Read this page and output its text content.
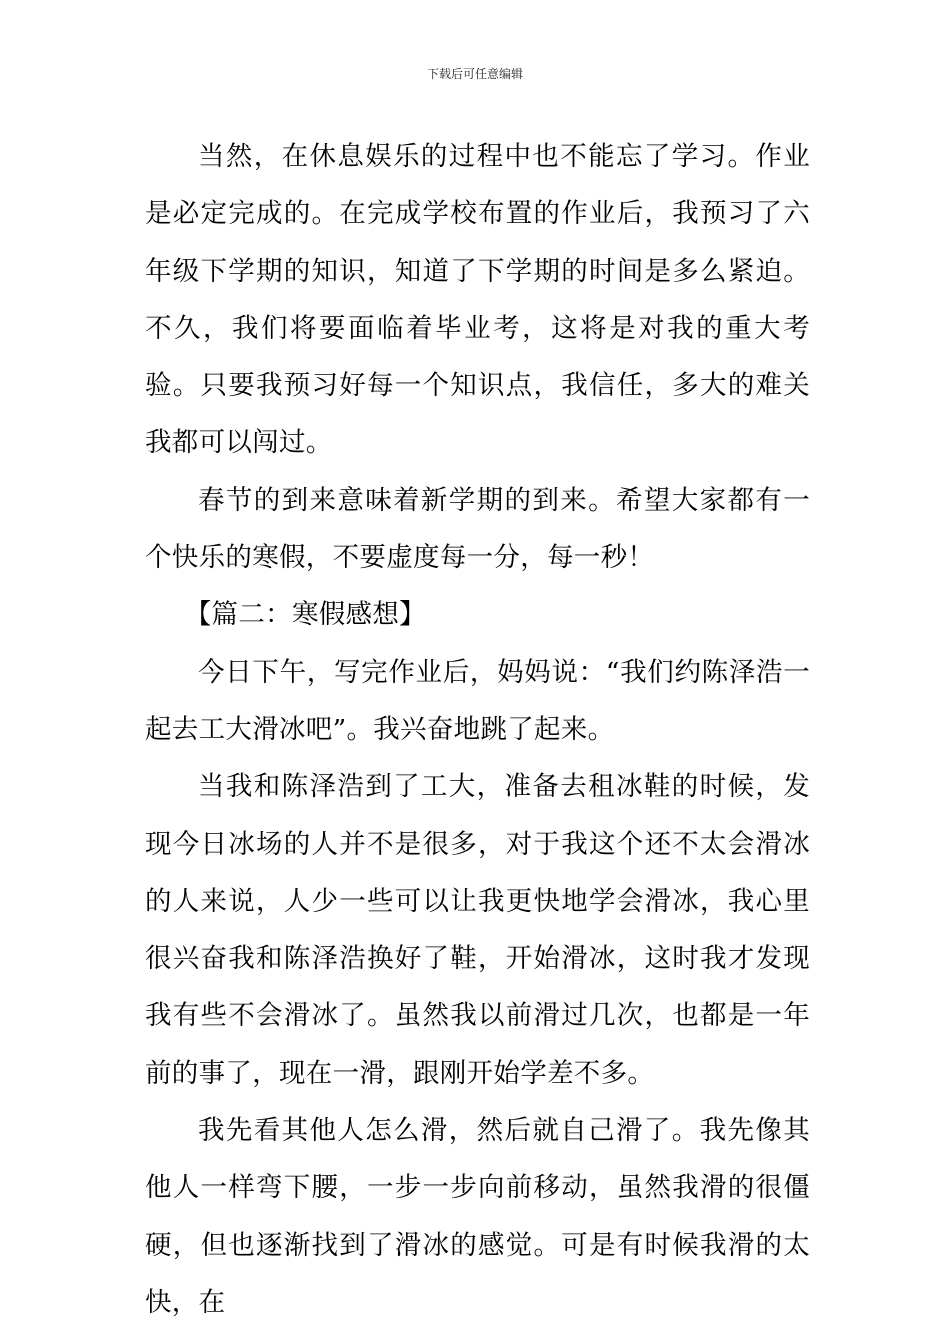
下载后可任意编辑

当然，在休息娱乐的过程中也不能忘了学习。作业是必定完成的。在完成学校布置的作业后，我预习了六年级下学期的知识，知道了下学期的时间是多么紧迫。不久，我们将要面临着毕业考，这将是对我的重大考验。只要我预习好每一个知识点，我信任，多大的难关我都可以闯过。

春节的到来意味着新学期的到来。希望大家都有一个快乐的寒假，不要虚度每一分，每一秒！

【篇二：寒假感想】

今日下午，写完作业后，妈妈说：“我们约陈泽浩一起去工大滑冰吧”。我兴奋地跳了起来。

当我和陈泽浩到了工大，准备去租冰鞋的时候，发现今日冰场的人并不是很多，对于我这个还不太会滑冰的人来说，人少一些可以让我更快地学会滑冰，我心里很兴奋我和陈泽浩换好了鞋，开始滑冰，这时我才发现我有些不会滑冰了。虽然我以前滑过几次，也都是一年前的事了，现在一滑，跟刚开始学差不多。

我先看其他人怎么滑，然后就自己滑了。我先像其他人一样弯下腰，一步一步向前移动，虽然我滑的很僵硬，但也逐渐找到了滑冰的感觉。可是有时候我滑的太快，在
